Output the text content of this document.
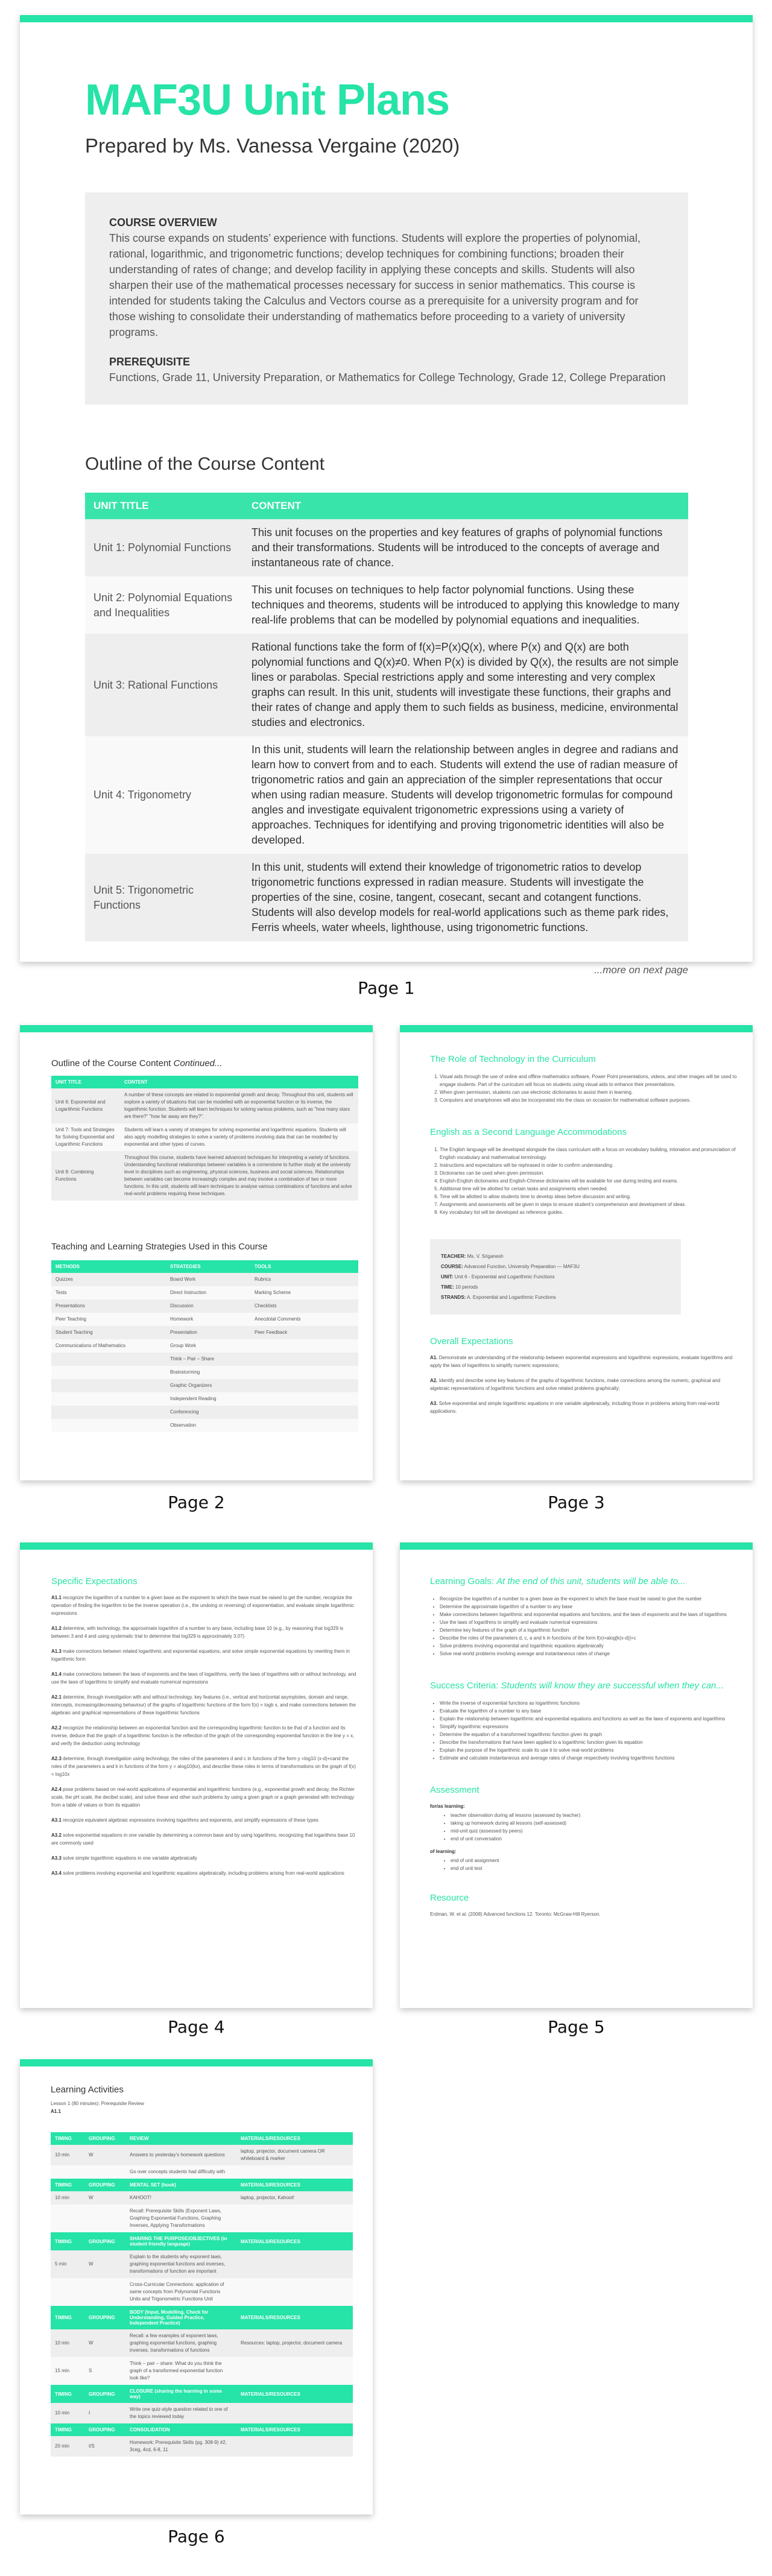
MAF3U Unit Plans
Prepared by Ms. Vanessa Vergaine (2020)
COURSE OVERVIEW
This course expands on students’ experience with functions. Students will explore the properties of polynomial, rational, logarithmic, and trigonometric functions; develop techniques for combining functions; broaden their understanding of rates of change; and develop facility in applying these concepts and skills. Students will also sharpen their use of the mathematical processes necessary for success in senior mathematics. This course is intended for students taking the Calculus and Vectors course as a prerequisite for a university program and for those wishing to consolidate their understanding of mathematics before proceeding to a variety of university programs.
PREREQUISITE
Functions, Grade 11, University Preparation, or Mathematics for College Technology, Grade 12, College Preparation
Outline of the Course Content
UNIT TITLE	CONTENT
Unit 1: Polynomial Functions	This unit focuses on the properties and key features of graphs of polynomial functions and their transformations. Students will be introduced to the concepts of average and instantaneous rate of chance.
Unit 2: Polynomial Equations and Inequalities	This unit focuses on techniques to help factor polynomial functions. Using these techniques and theorems, students will be introduced to applying this knowledge to many real-life problems that can be modelled by polynomial equations and inequalities.
Unit 3: Rational Functions	Rational functions take the form of f(x)=P(x)Q(x), where P(x) and Q(x) are both polynomial functions and Q(x)≠0. When P(x) is divided by Q(x), the results are not simple lines or parabolas. Special restrictions apply and some interesting and very complex graphs can result. In this unit, students will investigate these functions, their graphs and their rates of change and apply them to such fields as business, medicine, environmental studies and electronics.
Unit 4: Trigonometry	In this unit, students will learn the relationship between angles in degree and radians and learn how to convert from and to each. Students will extend the use of radian measure of trigonometric ratios and gain an appreciation of the simpler representations that occur when using radian measure. Students will develop trigonometric formulas for compound angles and investigate equivalent trigonometric expressions using a variety of approaches. Techniques for identifying and proving trigonometric identities will also be developed.
Unit 5: Trigonometric Functions	In this unit, students will extend their knowledge of trigonometric ratios to develop trigonometric functions expressed in radian measure. Students will investigate the properties of the sine, cosine, tangent, cosecant, secant and cotangent functions. Students will also develop models for real-world applications such as theme park rides, Ferris wheels, water wheels, lighthouse, using trigonometric functions.
...more on next page
Page 1
Outline of the Course Content Continued...
UNIT TITLE	CONTENT
Unit 6: Exponential and Logarithmic Functions	A number of these concepts are related to exponential growth and decay. Throughout this unit, students will explore a variety of situations that can be modelled with an exponential function or its inverse, the logarithmic function. Students will learn techniques for solving various problems, such as "how many stars are there?" "how far away are they?".
Unit 7: Tools and Strategies for Solving Exponential and Logarithmic Functions	Students will learn a variety of strategies for solving exponential and logarithmic equations. Students will also apply modelling strategies to solve a variety of problems involving data that can be modelled by exponential and other types of curves.
Unit 8: Combining Functions	Throughout this course, students have learned advanced techniques for interpreting a variety of functions. Understanding functional relationships between variables is a cornerstone to further study at the university level in disciplines such as engineering, physical sciences, business and social sciences. Relationships between variables can become increasingly complex and may involve a combination of two or more functions. In this unit, students will learn techniques to analyse various combinations of functions and solve real-world problems requiring these techniques.
Teaching and Learning Strategies Used in this Course
METHODS	STRATEGIES	TOOLS
Quizzes	Board Work	Rubrics
Tests	Direct Instruction	Marking Scheme
Presentations	Discussion	Checklists
Peer Teaching	Homework	Anecdotal Comments
Student Teaching	Presentation	Peer Feedback
Communications of Mathematics	Group Work	
	Think – Pair – Share	
	Brainstorming	
	Graphic Organizers	
	Independent Reading	
	Conferencing	
	Observation	
Page 2
The Role of Technology in the Curriculum
1. Visual aids through the use of online and offline mathematics software, Power Point presentations, videos, and other images will be used to engage students. Part of the curriculum will focus on students using visual aids to enhance their presentations.
2. When given permission, students can use electronic dictionaries to assist them in learning.
3. Computers and smartphones will also be incorporated into the class on occasion for mathematical software purposes.
English as a Second Language Accommodations
1. The English language will be developed alongside the class curriculum with a focus on vocabulary building, intonation and pronunciation of English vocabulary and mathematical terminology.
2. Instructions and expectations will be rephrased in order to confirm understanding.
3. Dictionaries can be used when given permission.
4. English-English dictionaries and English-Chinese dictionaries will be available for use during testing and exams.
5. Additional time will be allotted for certain tasks and assignments when needed.
6. Time will be allotted to allow students time to develop ideas before discussion and writing.
7. Assignments and assessments will be given in steps to ensure student’s comprehension and development of ideas.
8. Key vocabulary list will be developed as reference guides.
TEACHER: Ms. V. Sriganesh
COURSE: Advanced Function, University Preparation — MAF3U
UNIT: Unit 6 - Exponential and Logarithmic Functions
TIME: 10 periods
STRANDS: A. Exponential and Logarithmic Functions
Overall Expectations
A1. Demonstrate an understanding of the relationship between exponential expressions and logarithmic expressions, evaluate logarithms and apply the laws of logarithms to simplify numeric expressions;
A2. Identify and describe some key features of the graphs of logarithmic functions, make connections among the numeric, graphical and algebraic representations of logarithmic functions and solve related problems graphically;
A3. Solve exponential and simple logarithmic equations in one variable algebraically, including those in problems arising from real-world applications.
Page 3
Specific Expectations
A1.1 recognize the logarithm of a number to a given base as the exponent to which the base must be raised to get the number, recognize the operation of finding the logarithm to be the inverse operation (i.e., the undoing or reversing) of exponentiation, and evaluate simple logarithmic expressions
A1.2 determine, with technology, the approximate logarithm of a number to any base, including base 10 (e.g., by reasoning that log329 is between 3 and 4 and using systematic trial to determine that log329 is approximately 3.07)
A1.3 make connections between related logarithmic and exponential equations, and solve simple exponential equations by rewriting them in logarithmic form
A1.4 make connections between the laws of exponents and the laws of logarithms, verify the laws of logarithms with or without technology, and use the laws of logarithms to simplify and evaluate numerical expressions
A2.1 determine, through investigation with and without technology, key features (i.e., vertical and horizontal asymptotes, domain and range, intercepts, increasing/decreasing behaviour) of the graphs of logarithmic functions of the form f(x) = logb x, and make connections between the algebraic and graphical representations of these logarithmic functions
A2.2 recognize the relationship between an exponential function and the corresponding logarithmic function to be that of a function and its inverse, deduce that the graph of a logarithmic function is the reflection of the graph of the corresponding exponential function in the line y = x, and verify the deduction using technology
A2.3 determine, through investigation using technology, the roles of the parameters d and c in functions of the form y =log10 (x-d)+cand the roles of the parameters a and k in functions of the form y = alog10(kx), and describe these roles in terms of transformations on the graph of f(x) = log10x
A2.4 pose problems based on real-world applications of exponential and logarithmic functions (e.g., exponential growth and decay, the Richter scale, the pH scale, the decibel scale), and solve these and other such problems by using a given graph or a graph generated with technology from a table of values or from its equation
A3.1 recognize equivalent algebraic expressions involving logarithms and exponents, and simplify expressions of these types
A3.2 solve exponential equations in one variable by determining a common base and by using logarithms, recognizing that logarithms base 10 are commonly used
A3.3 solve simple logarithmic equations in one variable algebraically
A3.4 solve problems involving exponential and logarithmic equations algebraically, including problems arising from real-world applications
Page 4
Learning Goals: At the end of this unit, students will be able to...
• Recognize the logarithm of a number to a given base as the exponent to which the base must be raised to give the number
• Determine the approximate logarithm of a number to any base
• Make connections between logarithmic and exponential equations and functions, and the laws of exponents and the laws of logarithms
• Use the laws of logarithms to simplify and evaluate numerical expressions
• Determine key features of the graph of a logarithmic function
• Describe the roles of the parameters d, c, a and k in functions of the form f(x)=alog[k(x-d)]+c
• Solve problems involving exponential and logarithmic equations algebraically
• Solve real-world problems involving average and instantaneous rates of change
Success Criteria: Students will know they are successful when they can...
• Write the inverse of exponential functions as logarithmic functions
• Evaluate the logarithm of a number to any base
• Explain the relationship between logarithmic and exponential equations and functions as well as the laws of exponents and logarithms
• Simplify logarithmic expressions
• Determine the equation of a transformed logarithmic function given its graph
• Describe the transformations that have been applied to a logarithmic function given its equation
• Explain the purpose of the logarithmic scale its use it to solve real-world problems
• Estimate and calculate instantaneous and average rates of change respectively involving logarithmic functions
Assessment
for/as learning:
• teacher observation during all lessons (assessed by teacher)
• taking up homework during all lessons (self-assessed)
• mid-unit quiz (assessed by peers)
• end of unit conversation
of learning:
• end of unit assignment
• end of unit test
Resource
Erdman, W. et al. (2008) Advanced functions 12. Toronto: McGraw-Hill Ryerson.
Page 5
Learning Activities
Lesson 1 (80 minutes): Prerequisite Review
A1.1
TIMING	GROUPING	REVIEW	MATERIALS/RESOURCES
10 min	W	Answers to yesterday’s homework questions	laptop, projector, document camera OR whiteboard & marker
		Go over concepts students had difficulty with	
TIMING	GROUPING	MENTAL SET (hook)	MATERIALS/RESOURCES
10 min	W	KAHOOT!	laptop, projector, Kahoot!
		Recall: Prerequisite Skills (Exponent Laws, Graphing Exponential Functions, Graphing Inverses, Applying Transformations	
TIMING	GROUPING	SHARING THE PURPOSE/OBJECTIVES (in student friendly language)	MATERIALS/RESOURCES
5 min	W	Explain to the students why exponent laws, graphing exponential functions and inverses, transformations of function are important	
		Cross-Curricular Connections: application of same concepts from Polynomial Functions Units and Trigonometric Functions Unit	
TIMING	GROUPING	BODY (Input, Modelling, Check for Understanding, Guided Practice, Independent Practice)	MATERIALS/RESOURCES
10 min	W	Recall: a few examples of exponent laws, graphing exponential functions, graphing inverses, transformations of functions	Resources: laptop, projector, document camera
15 min	S	Think – pair – share: What do you think the graph of a transformed exponential function look like?	
TIMING	GROUPING	CLOSURE (sharing the learning in some way)	MATERIALS/RESOURCES
10 min	I	Write one quiz-style question related to one of the topics reviewed today	
TIMING	GROUPING	CONSOLIDATION	MATERIALS/RESOURCES
20 min	I/S	Homework: Prerequisite Skills (pg. 308-9) #2, 3ceg, 4cd, 6-8, 11	
Page 6
